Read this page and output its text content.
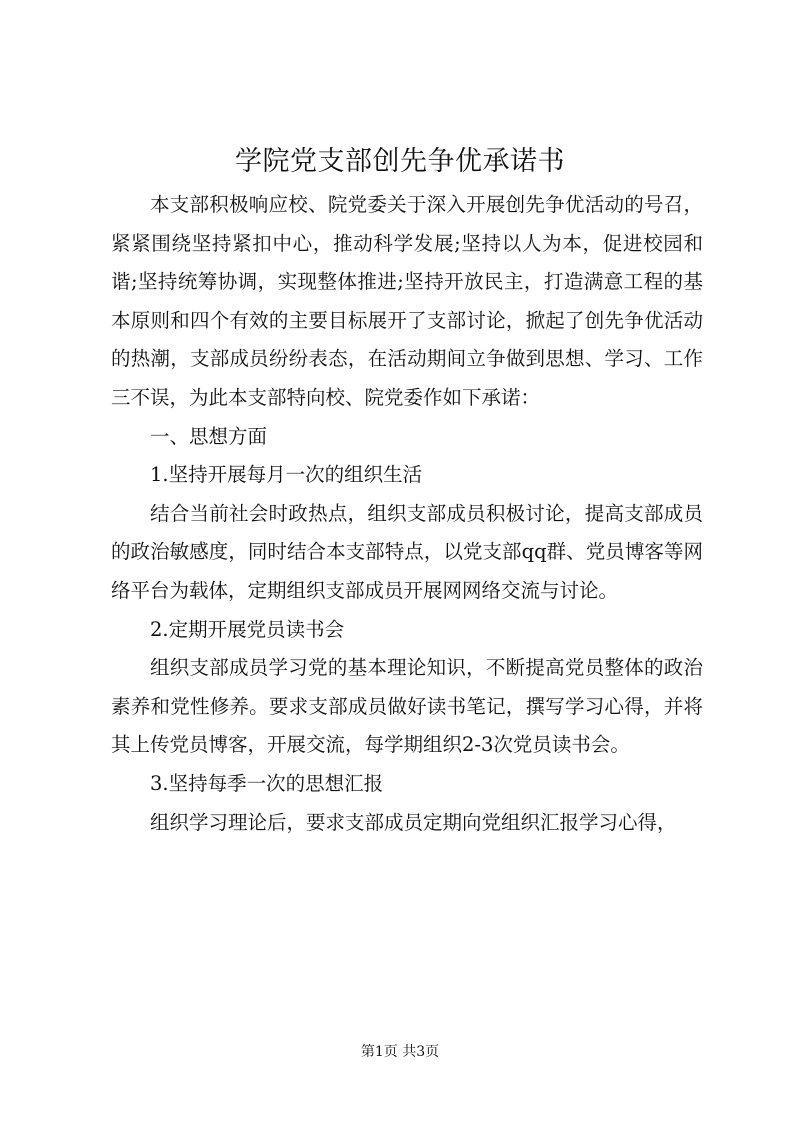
学院党支部创先争优承诺书

本支部积极响应校、院党委关于深入开展创先争优活动的号召，紧紧围绕坚持紧扣中心，推动科学发展;坚持以人为本，促进校园和谐;坚持统筹协调，实现整体推进;坚持开放民主，打造满意工程的基本原则和四个有效的主要目标展开了支部讨论，掀起了创先争优活动的热潮，支部成员纷纷表态，在活动期间立争做到思想、学习、工作三不误，为此本支部特向校、院党委作如下承诺：

一、思想方面

1.坚持开展每月一次的组织生活

结合当前社会时政热点，组织支部成员积极讨论，提高支部成员的政治敏感度，同时结合本支部特点，以党支部qq群、党员博客等网络平台为载体，定期组织支部成员开展网网络交流与讨论。

2.定期开展党员读书会

组织支部成员学习党的基本理论知识，不断提高党员整体的政治素养和党性修养。要求支部成员做好读书笔记，撰写学习心得，并将其上传党员博客，开展交流，每学期组织2-3次党员读书会。

3.坚持每季一次的思想汇报

组织学习理论后，要求支部成员定期向党组织汇报学习心得，

第1页 共3页
